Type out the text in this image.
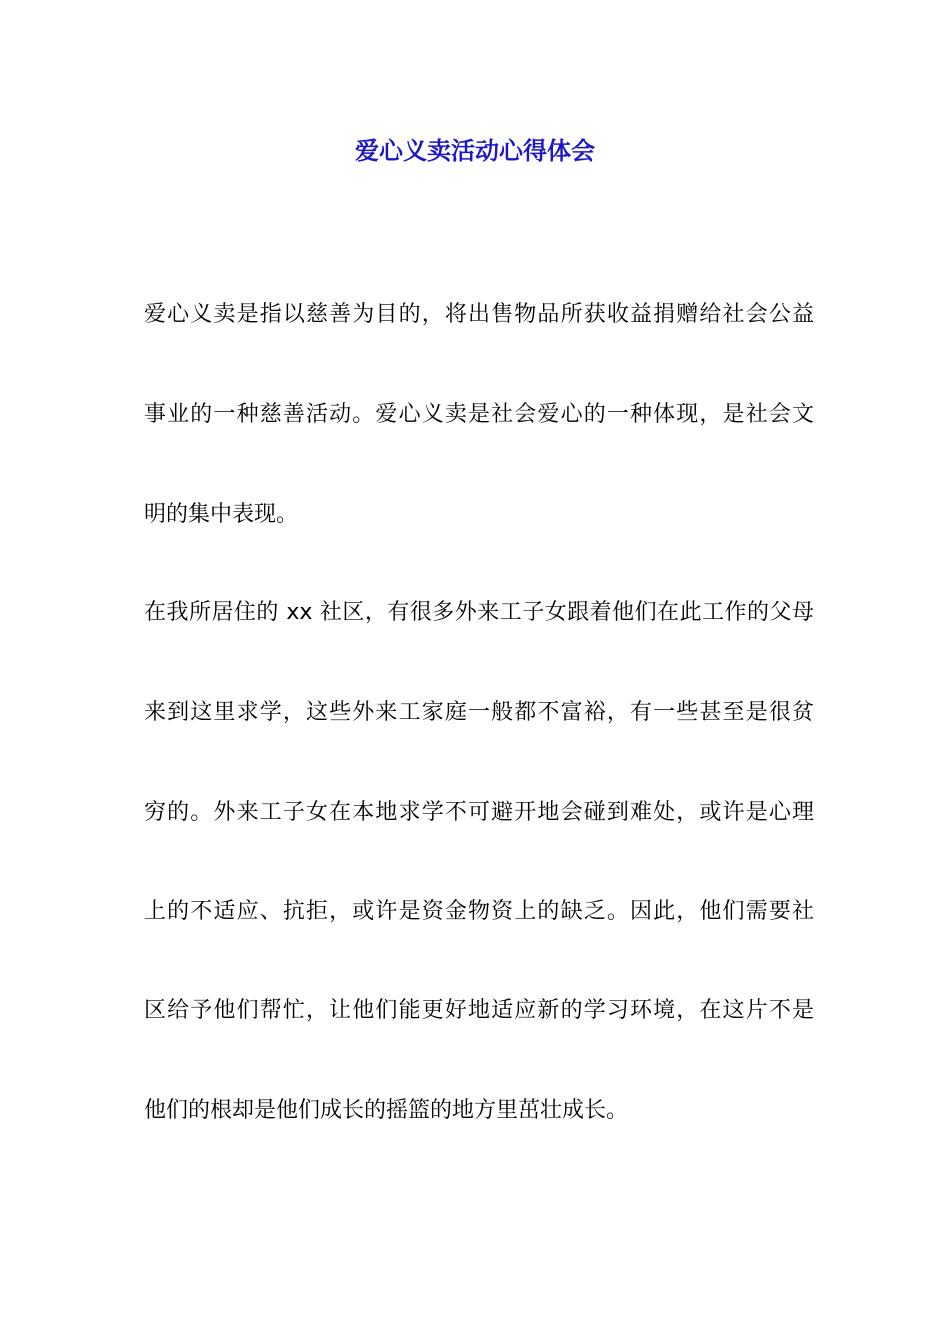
爱心义卖活动心得体会

爱心义卖是指以慈善为目的，将出售物品所获收益捐赠给社会公益

事业的一种慈善活动。爱心义卖是社会爱心的一种体现，是社会文

明的集中表现。

在我所居住的 xx 社区，有很多外来工子女跟着他们在此工作的父母

来到这里求学，这些外来工家庭一般都不富裕，有一些甚至是很贫

穷的。外来工子女在本地求学不可避开地会碰到难处，或许是心理

上的不适应、抗拒，或许是资金物资上的缺乏。因此，他们需要社

区给予他们帮忙，让他们能更好地适应新的学习环境，在这片不是

他们的根却是他们成长的摇篮的地方里茁壮成长。
